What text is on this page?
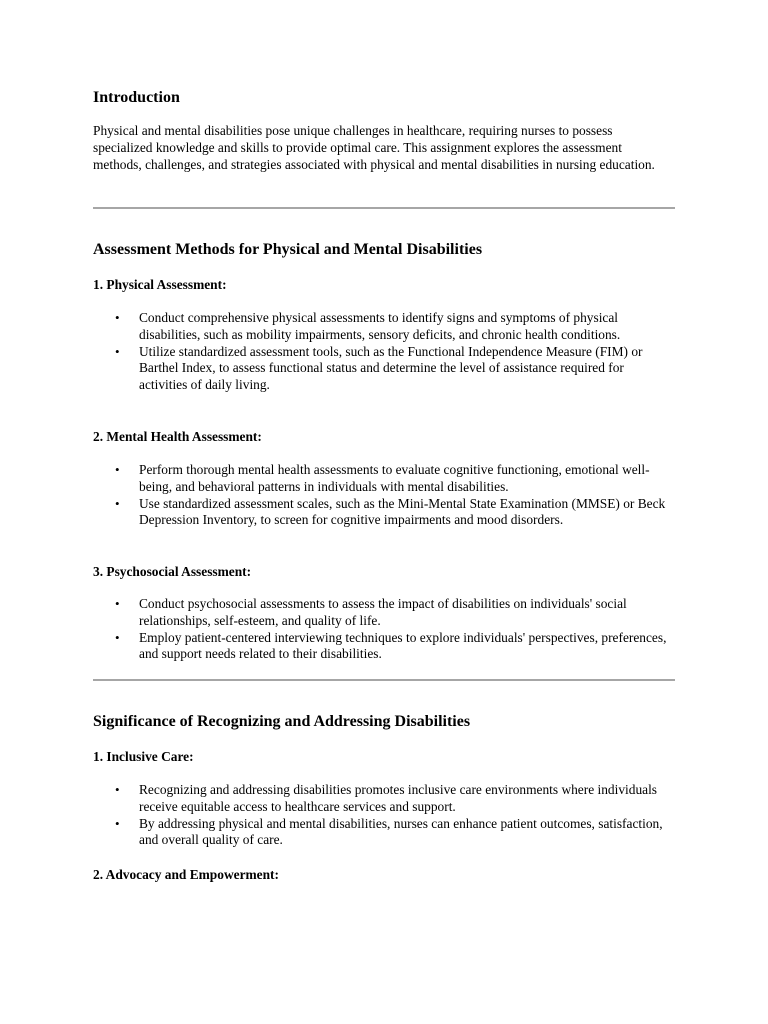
Introduction

Physical and mental disabilities pose unique challenges in healthcare, requiring nurses to possess specialized knowledge and skills to provide optimal care. This assignment explores the assessment methods, challenges, and strategies associated with physical and mental disabilities in nursing education.

Assessment Methods for Physical and Mental Disabilities
1. Physical Assessment:
• Conduct comprehensive physical assessments to identify signs and symptoms of physical disabilities, such as mobility impairments, sensory deficits, and chronic health conditions.
• Utilize standardized assessment tools, such as the Functional Independence Measure (FIM) or Barthel Index, to assess functional status and determine the level of assistance required for activities of daily living.
2. Mental Health Assessment:
• Perform thorough mental health assessments to evaluate cognitive functioning, emotional well-being, and behavioral patterns in individuals with mental disabilities.
• Use standardized assessment scales, such as the Mini-Mental State Examination (MMSE) or Beck Depression Inventory, to screen for cognitive impairments and mood disorders.
3. Psychosocial Assessment:
• Conduct psychosocial assessments to assess the impact of disabilities on individuals' social relationships, self-esteem, and quality of life.
• Employ patient-centered interviewing techniques to explore individuals' perspectives, preferences, and support needs related to their disabilities.
Significance of Recognizing and Addressing Disabilities
1. Inclusive Care:
• Recognizing and addressing disabilities promotes inclusive care environments where individuals receive equitable access to healthcare services and support.
• By addressing physical and mental disabilities, nurses can enhance patient outcomes, satisfaction, and overall quality of care.
2. Advocacy and Empowerment:
